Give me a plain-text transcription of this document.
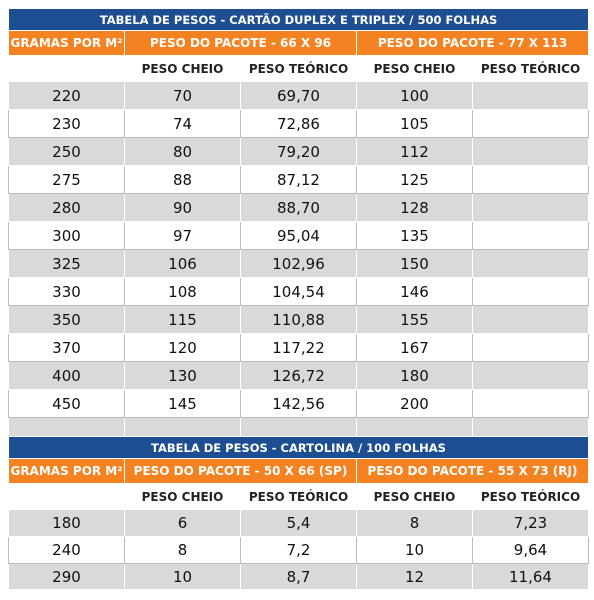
TABELA DE PESOS - CARTÃO DUPLEX E TRIPLEX / 500 FOLHAS				
GRAMAS POR M²	PESO DO PACOTE - 66 X 96		PESO DO PACOTE - 77 X 113	
	PESO CHEIO	PESO TEÓRICO	PESO CHEIO	PESO TEÓRICO
220	70	69,70	100	
230	74	72,86	105	
250	80	79,20	112	
275	88	87,12	125	
280	90	88,70	128	
300	97	95,04	135	
325	106	102,96	150	
330	108	104,54	146	
350	115	110,88	155	
370	120	117,22	167	
400	130	126,72	180	
450	145	142,56	200	

TABELA DE PESOS - CARTOLINA / 100 FOLHAS				
GRAMAS POR M²	PESO DO PACOTE - 50 X 66 (SP)		PESO DO PACOTE - 55 X 73 (RJ)	
	PESO CHEIO	PESO TEÓRICO	PESO CHEIO	PESO TEÓRICO
180	6	5,4	8	7,23
240	8	7,2	10	9,64
290	10	8,7	12	11,64
